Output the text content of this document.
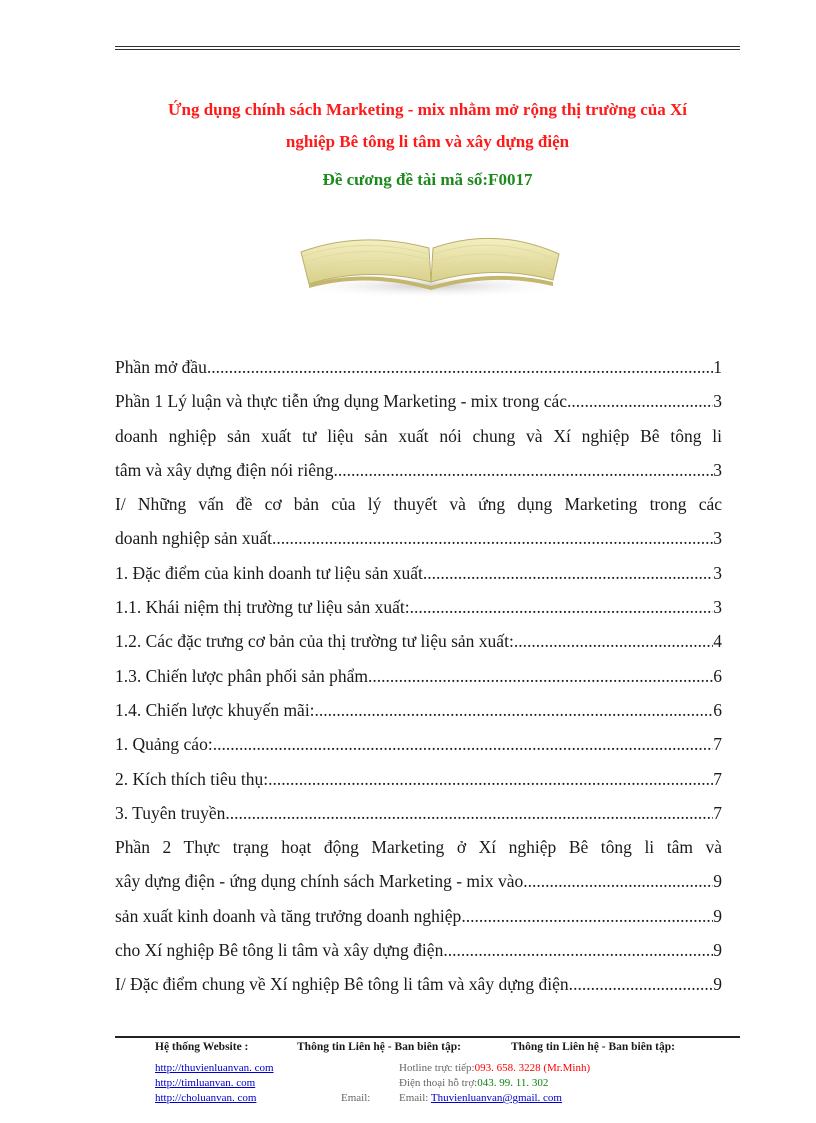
Ứng dụng chính sách Marketing - mix nhằm mở rộng thị trường của Xí
nghiệp Bê tông li tâm và xây dựng điện
Đề cương đề tài mã số:F0017
Phần mở đầu .....	1
Phần 1 Lý luận và thực tiễn ứng dụng Marketing - mix trong các .....	3
doanh nghiệp sản xuất tư liệu sản xuất nói chung và Xí nghiệp Bê tông li
tâm và xây dựng điện nói riêng. .....	3
I/ Những vấn đề cơ bản của lý thuyết và ứng dụng Marketing trong các
doanh nghiệp sản xuất. .....	3
1. Đặc điểm của kinh doanh tư liệu sản xuất. .....	3
1.1. Khái niệm thị trường tư liệu sản xuất: .....	3
1.2. Các đặc trưng cơ bản của thị trường tư liệu sản xuất: .....	4
1.3. Chiến lược phân phối sản phẩm. .....	6
1.4. Chiến lược khuyến mãi: .....	6
1. Quảng cáo: .....	7
2. Kích thích tiêu thụ: .....	7
3. Tuyên truyền .....	7
Phần 2 Thực trạng hoạt động Marketing ở Xí nghiệp Bê tông li tâm và
xây dựng điện - ứng dụng chính sách Marketing - mix vào .....	9
sản xuất kinh doanh và tăng trưởng doanh nghiệp .....	9
cho Xí nghiệp Bê tông li tâm và xây dựng điện. .....	9
I/ Đặc điểm chung về Xí nghiệp Bê tông li tâm và xây dựng điện. .....	9
Hệ thống Website :	Thông tin Liên hệ - Ban biên tập:	Thông tin Liên hệ - Ban biên tập:
http://thuvienluanvan. com
http://timluanvan. com
http://choluanvan. com	Email:
Hotline trực tiếp:093. 658. 3228 (Mr.Minh)
Điện thoại hỗ trợ:043. 99. 11. 302
Email: Thuvienluanvan@gmail. com
